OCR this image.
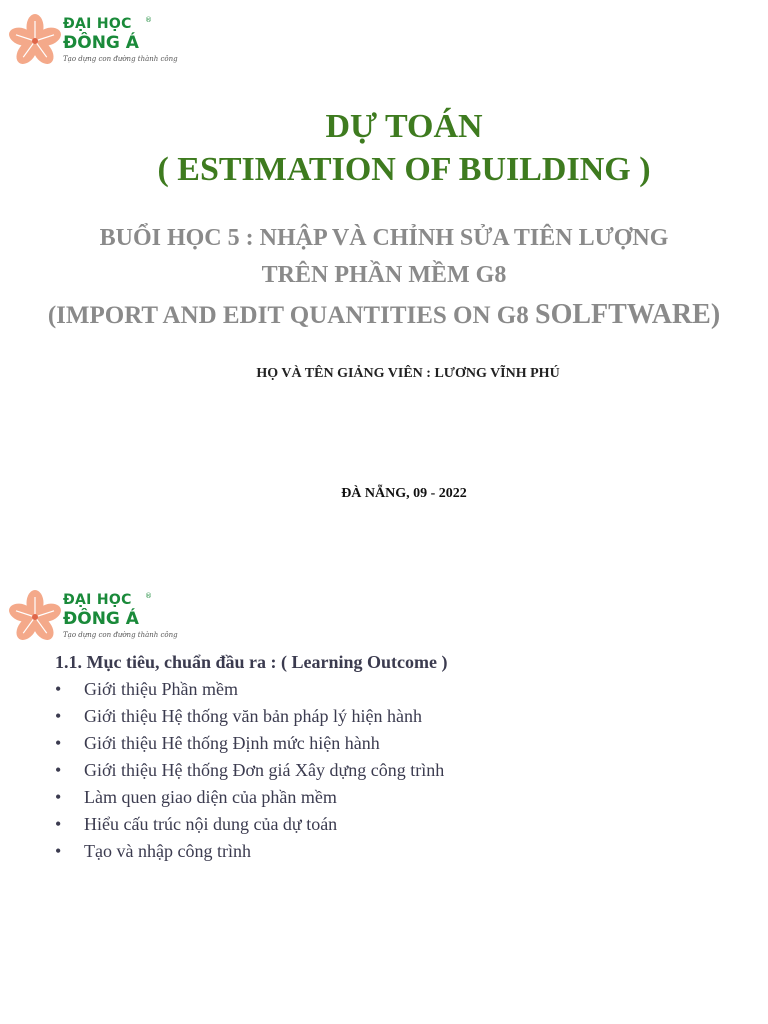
ĐẠI HỌC ®
ĐÔNG Á
Tạo dựng con đường thành công
DỰ TOÁN
( ESTIMATION OF BUILDING )
BUỔI HỌC 5 : NHẬP VÀ CHỈNH SỬA TIÊN LƯỢNG
TRÊN PHẦN MỀM G8
(IMPORT AND EDIT QUANTITIES ON G8 SOLFTWARE)
HỌ VÀ TÊN GIẢNG VIÊN : LƯƠNG VĨNH PHÚ
ĐÀ NẴNG, 09 - 2022
ĐẠI HỌC ®
ĐÔNG Á
Tạo dựng con đường thành công
1.1. Mục tiêu, chuẩn đầu ra : ( Learning Outcome )
• Giới thiệu Phần mềm
• Giới thiệu Hệ thống văn bản pháp lý hiện hành
• Giới thiệu Hê thống Định mức hiện hành
• Giới thiệu Hệ thống Đơn giá Xây dựng công trình
• Làm quen giao diện của phần mềm
• Hiểu cấu trúc nội dung của dự toán
• Tạo và nhập công trình
